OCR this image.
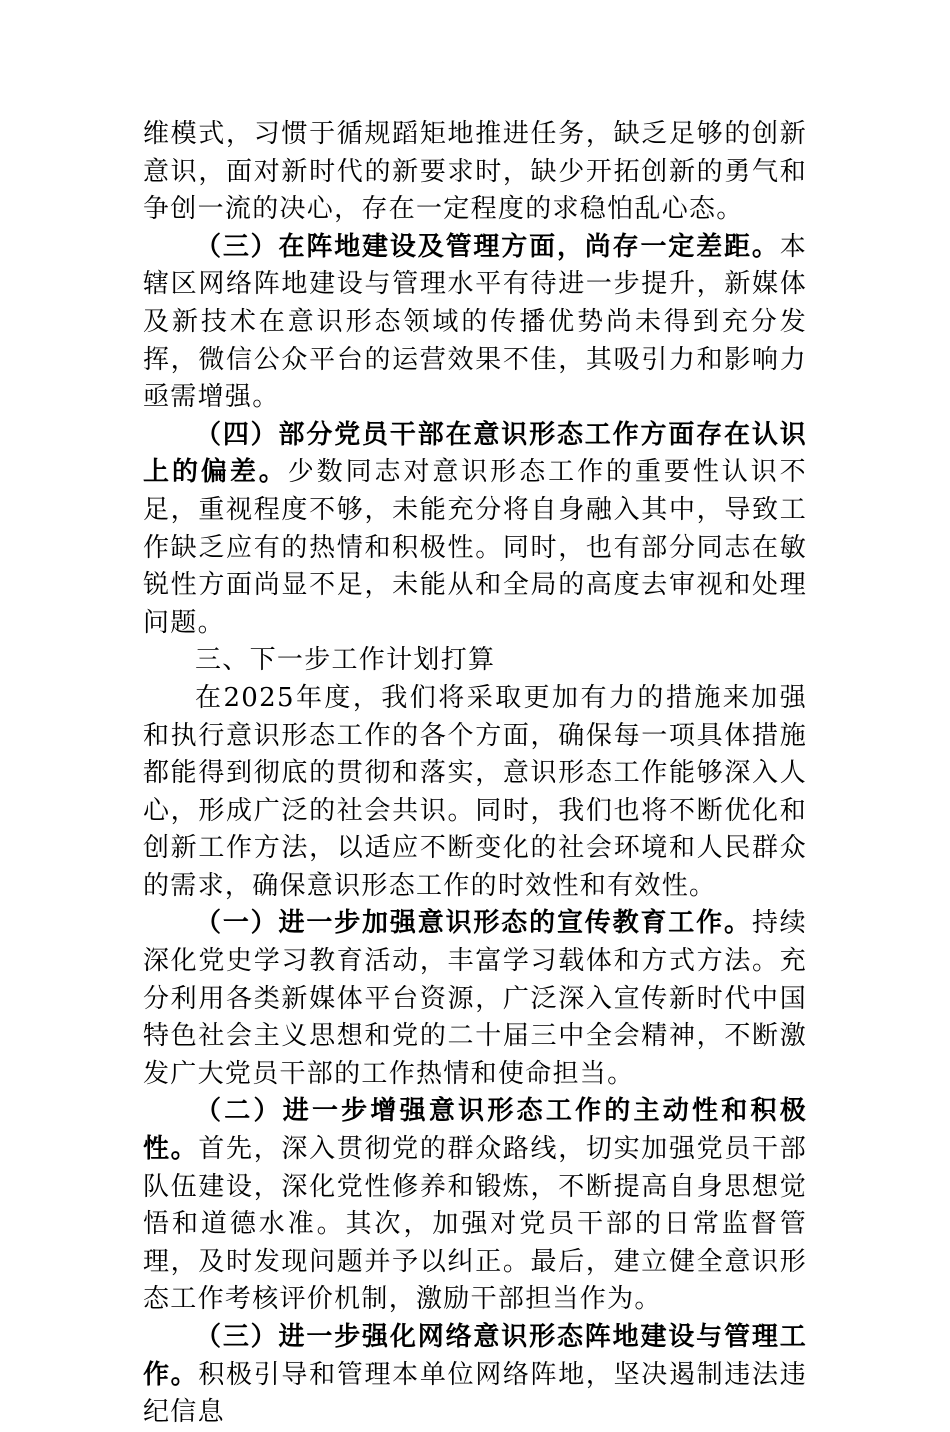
维模式，习惯于循规蹈矩地推进任务，缺乏足够的创新意识，面对新时代的新要求时，缺少开拓创新的勇气和争创一流的决心，存在一定程度的求稳怕乱心态。

（三）在阵地建设及管理方面，尚存一定差距。本辖区网络阵地建设与管理水平有待进一步提升，新媒体及新技术在意识形态领域的传播优势尚未得到充分发挥，微信公众平台的运营效果不佳，其吸引力和影响力亟需增强。

（四）部分党员干部在意识形态工作方面存在认识上的偏差。少数同志对意识形态工作的重要性认识不足，重视程度不够，未能充分将自身融入其中，导致工作缺乏应有的热情和积极性。同时，也有部分同志在敏锐性方面尚显不足，未能从和全局的高度去审视和处理问题。

三、下一步工作计划打算

在2025年度，我们将采取更加有力的措施来加强和执行意识形态工作的各个方面，确保每一项具体措施都能得到彻底的贯彻和落实，意识形态工作能够深入人心，形成广泛的社会共识。同时，我们也将不断优化和创新工作方法，以适应不断变化的社会环境和人民群众的需求，确保意识形态工作的时效性和有效性。

（一）进一步加强意识形态的宣传教育工作。持续深化党史学习教育活动，丰富学习载体和方式方法。充分利用各类新媒体平台资源，广泛深入宣传新时代中国特色社会主义思想和党的二十届三中全会精神，不断激发广大党员干部的工作热情和使命担当。

（二）进一步增强意识形态工作的主动性和积极性。首先，深入贯彻党的群众路线，切实加强党员干部队伍建设，深化党性修养和锻炼，不断提高自身思想觉悟和道德水准。其次，加强对党员干部的日常监督管理，及时发现问题并予以纠正。最后，建立健全意识形态工作考核评价机制，激励干部担当作为。

（三）进一步强化网络意识形态阵地建设与管理工作。积极引导和管理本单位网络阵地，坚决遏制违法违纪信息
